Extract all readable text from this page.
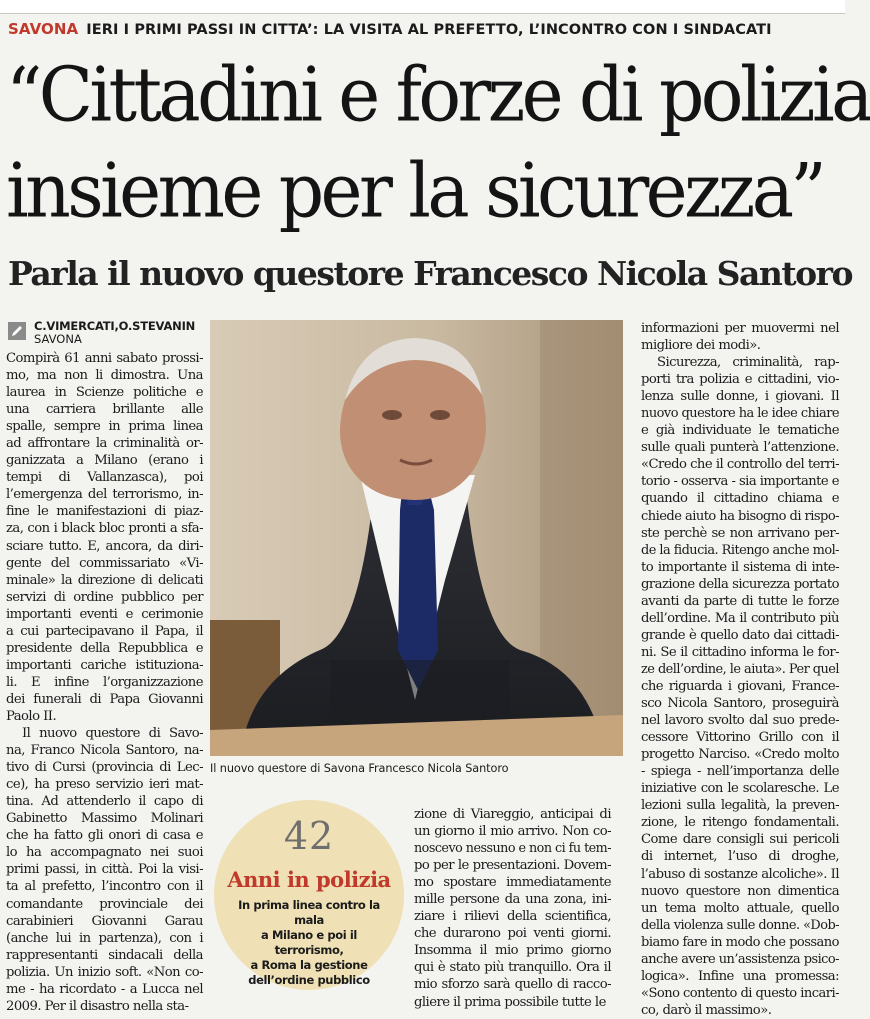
SAVONA IERI I PRIMI PASSI IN CITTA’: LA VISITA AL PREFETTO, L’INCONTRO CON I SINDACATI
“Cittadini e forze di polizia
insieme per la sicurezza”
Parla il nuovo questore Francesco Nicola Santoro
C.VIMERCATI,O.STEVANIN
SAVONA
Compirà 61 anni sabato prossi-
mo, ma non li dimostra. Una
laurea in Scienze politiche e
una carriera brillante alle
spalle, sempre in prima linea
ad affrontare la criminalità or-
ganizzata a Milano (erano i
tempi di Vallanzasca), poi
l’emergenza del terrorismo, in-
fine le manifestazioni di piaz-
za, con i black bloc pronti a sfa-
sciare tutto. E, ancora, da diri-
gente del commissariato «Vi-
minale» la direzione di delicati
servizi di ordine pubblico per
importanti eventi e cerimonie
a cui partecipavano il Papa, il
presidente della Repubblica e
importanti cariche istituziona-
li. E infine l’organizzazione
dei funerali di Papa Giovanni
Paolo II.
Il nuovo questore di Savo-
na, Franco Nicola Santoro, na-
tivo di Cursi (provincia di Lec-
ce), ha preso servizio ieri mat-
tina. Ad attenderlo il capo di
Gabinetto Massimo Molinari
che ha fatto gli onori di casa e
lo ha accompagnato nei suoi
primi passi, in città. Poi la visi-
ta al prefetto, l’incontro con il
comandante provinciale dei
carabinieri Giovanni Garau
(anche lui in partenza), con i
rappresentanti sindacali della
polizia. Un inizio soft. «Non co-
me - ha ricordato - a Lucca nel
2009. Per il disastro nella sta-
Il nuovo questore di Savona Francesco Nicola Santoro
42
Anni in polizia
In prima linea contro la mala
a Milano e poi il terrorismo,
a Roma la gestione
dell’ordine pubblico
zione di Viareggio, anticipai di
un giorno il mio arrivo. Non co-
noscevo nessuno e non ci fu tem-
po per le presentazioni. Dovem-
mo spostare immediatamente
mille persone da una zona, ini-
ziare i rilievi della scientifica,
che durarono poi venti giorni.
Insomma il mio primo giorno
qui è stato più tranquillo. Ora il
mio sforzo sarà quello di racco-
gliere il prima possibile tutte le
informazioni per muovermi nel
migliore dei modi».
Sicurezza, criminalità, rap-
porti tra polizia e cittadini, vio-
lenza sulle donne, i giovani. Il
nuovo questore ha le idee chiare
e già individuate le tematiche
sulle quali punterà l’attenzione.
«Credo che il controllo del terri-
torio - osserva - sia importante e
quando il cittadino chiama e
chiede aiuto ha bisogno di rispo-
ste perchè se non arrivano per-
de la fiducia. Ritengo anche mol-
to importante il sistema di inte-
grazione della sicurezza portato
avanti da parte di tutte le forze
dell’ordine. Ma il contributo più
grande è quello dato dai cittadi-
ni. Se il cittadino informa le for-
ze dell’ordine, le aiuta». Per quel
che riguarda i giovani, France-
sco Nicola Santoro, proseguirà
nel lavoro svolto dal suo prede-
cessore Vittorino Grillo con il
progetto Narciso. «Credo molto
- spiega - nell’importanza delle
iniziative con le scolaresche. Le
lezioni sulla legalità, la preven-
zione, le ritengo fondamentali.
Come dare consigli sui pericoli
di internet, l’uso di droghe,
l’abuso di sostanze alcoliche». Il
nuovo questore non dimentica
un tema molto attuale, quello
della violenza sulle donne. «Dob-
biamo fare in modo che possano
anche avere un’assistenza psico-
logica». Infine una promessa:
«Sono contento di questo incari-
co, darò il massimo».
